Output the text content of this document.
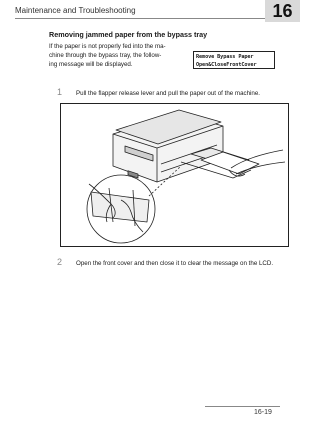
Maintenance and Troubleshooting	16
Removing jammed paper from the bypass tray
If the paper is not properly fed into the ma-
chine through the bypass tray, the follow-
ing message will be displayed.
Remove Bypass Paper
Open&CloseFrontCover
1 Pull the flapper release lever and pull the paper out of the machine.
2 Open the front cover and then close it to clear the message on the LCD.
16-19
